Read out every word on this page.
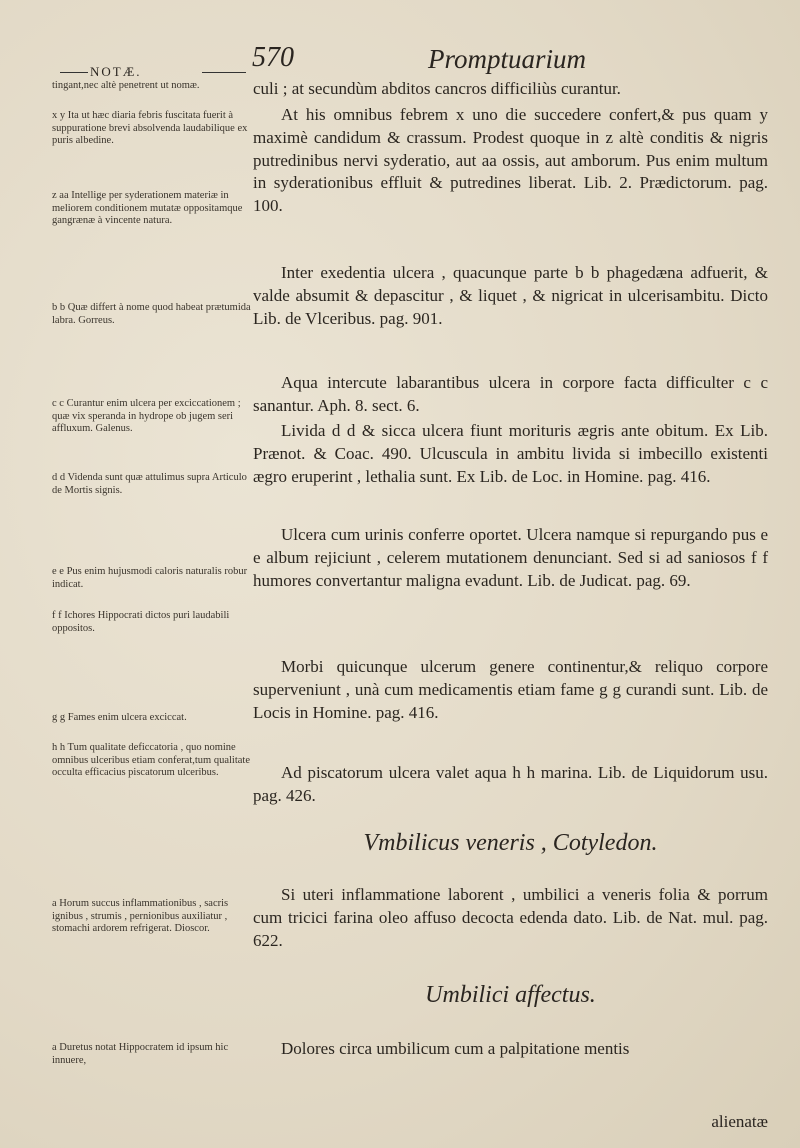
NOTÆ.	570	Promptuarium
tingant,nec altè penetrent ut nomæ.
x y Ita ut hæc diaria febris fuscitata fuerit à suppuratione brevi absolvenda laudabilique ex puris albedine.
z aa Intellige per syderationem materiæ in meliorem conditionem mutatæ oppositamque gangrænæ à vincente natura.
b b Quæ differt à nome quod habeat prætumida labra. Gorreus.
c c Curantur enim ulcera per exciccationem ; quæ vix speranda in hydrope ob jugem seri affluxum. Galenus.
d d Videnda sunt quæ attulimus supra Articulo de Mortis signis.
e e Pus enim hujusmodi caloris naturalis robur indicat.
f f Ichores Hippocrati dictos puri laudabili oppositos.
g g Fames enim ulcera exciccat.
h h Tum qualitate deficcatoria , quo nomine omnibus ulceribus etiam conferat,tum qualitate occulta efficacius piscatorum ulceribus.
a Horum succus inflammationibus , sacris ignibus , strumis , pernionibus auxiliatur , stomachi ardorem refrigerat. Dioscor.
a Duretus notat Hippocratem id ipsum hic innuere,
culi ; at secundùm abditos cancros difficiliùs curantur.
At his omnibus febrem x uno die succedere confert,& pus quam y maximè candidum & crassum. Prodest quoque in z altè conditis & nigris putredinibus nervi syderatio, aut aa ossis, aut amborum. Pus enim multum in syderationibus effluit & putredines liberat. Lib. 2. Prædictorum. pag. 100.
Inter exedentia ulcera , quacunque parte b b phagedæna adfuerit, & valde absumit & depascitur , & liquet , & nigricat in ulcerisambitu. Dicto Lib. de Vlceribus. pag. 901.
Aqua intercute labarantibus ulcera in corpore facta difficulter c c sanantur. Aph. 8. sect. 6.
Livida d d & sicca ulcera fiunt morituris ægris ante obitum. Ex Lib. Prænot. & Coac. 490. Ulcuscula in ambitu livida si imbecillo existenti ægro eruperint , lethalia sunt. Ex Lib. de Loc. in Homine. pag. 416.
Ulcera cum urinis conferre oportet. Ulcera namque si repurgando pus e e album rejiciunt , celerem mutationem denunciant. Sed si ad saniosos f f humores convertantur maligna evadunt. Lib. de Judicat. pag. 69.
Morbi quicunque ulcerum genere continentur,& reliquo corpore superveniunt , unà cum medicamentis etiam fame g g curandi sunt. Lib. de Locis in Homine. pag. 416.
Ad piscatorum ulcera valet aqua h h marina. Lib. de Liquidorum usu. pag. 426.
Vmbilicus veneris , Cotyledon.
Si uteri inflammatione laborent , umbilici a veneris folia & porrum cum tricici farina oleo affuso decocta edenda dato. Lib. de Nat. mul. pag. 622.
Umbilici affectus.
Dolores circa umbilicum cum a palpitatione mentis
alienatæ
